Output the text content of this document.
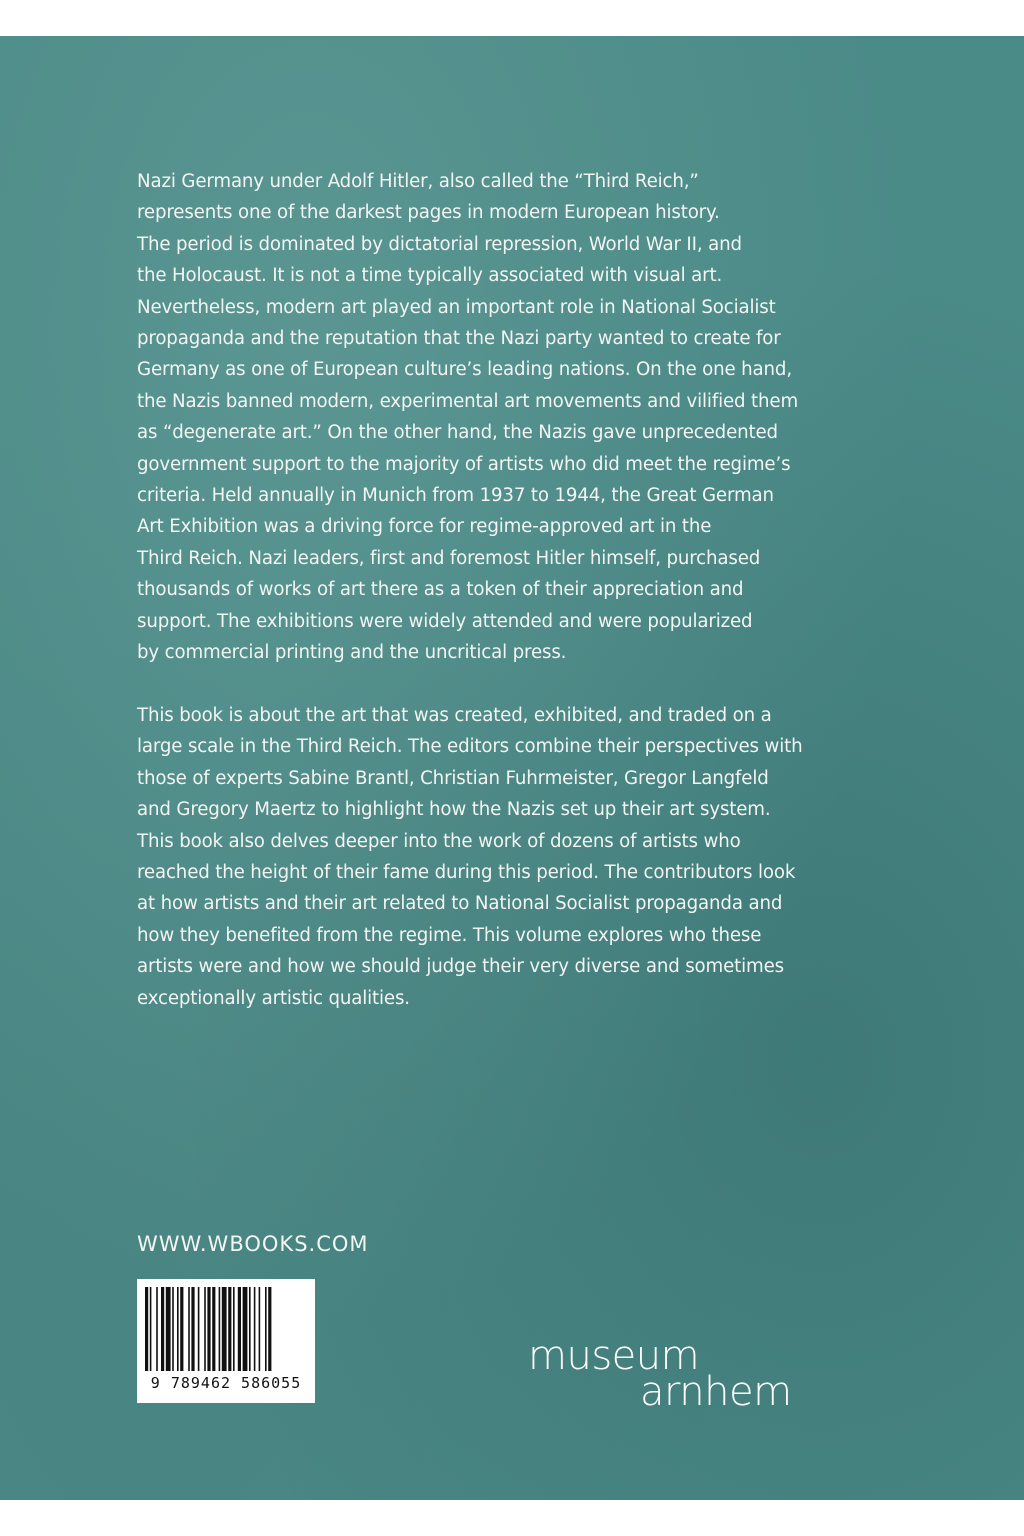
Nazi Germany under Adolf Hitler, also called the “Third Reich,”
represents one of the darkest pages in modern European history.
The period is dominated by dictatorial repression, World War II, and
the Holocaust. It is not a time typically associated with visual art.
Nevertheless, modern art played an important role in National Socialist
propaganda and the reputation that the Nazi party wanted to create for
Germany as one of European culture’s leading nations. On the one hand,
the Nazis banned modern, experimental art movements and vilified them
as “degenerate art.” On the other hand, the Nazis gave unprecedented
government support to the majority of artists who did meet the regime’s
criteria. Held annually in Munich from 1937 to 1944, the Great German
Art Exhibition was a driving force for regime-approved art in the
Third Reich. Nazi leaders, first and foremost Hitler himself, purchased
thousands of works of art there as a token of their appreciation and
support. The exhibitions were widely attended and were popularized
by commercial printing and the uncritical press.
This book is about the art that was created, exhibited, and traded on a
large scale in the Third Reich. The editors combine their perspectives with
those of experts Sabine Brantl, Christian Fuhrmeister, Gregor Langfeld
and Gregory Maertz to highlight how the Nazis set up their art system.
This book also delves deeper into the work of dozens of artists who
reached the height of their fame during this period. The contributors look
at how artists and their art related to National Socialist propaganda and
how they benefited from the regime. This volume explores who these
artists were and how we should judge their very diverse and sometimes
exceptionally artistic qualities.
WWW.WBOOKS.COM
9 789462 586055
museum
arnhem
